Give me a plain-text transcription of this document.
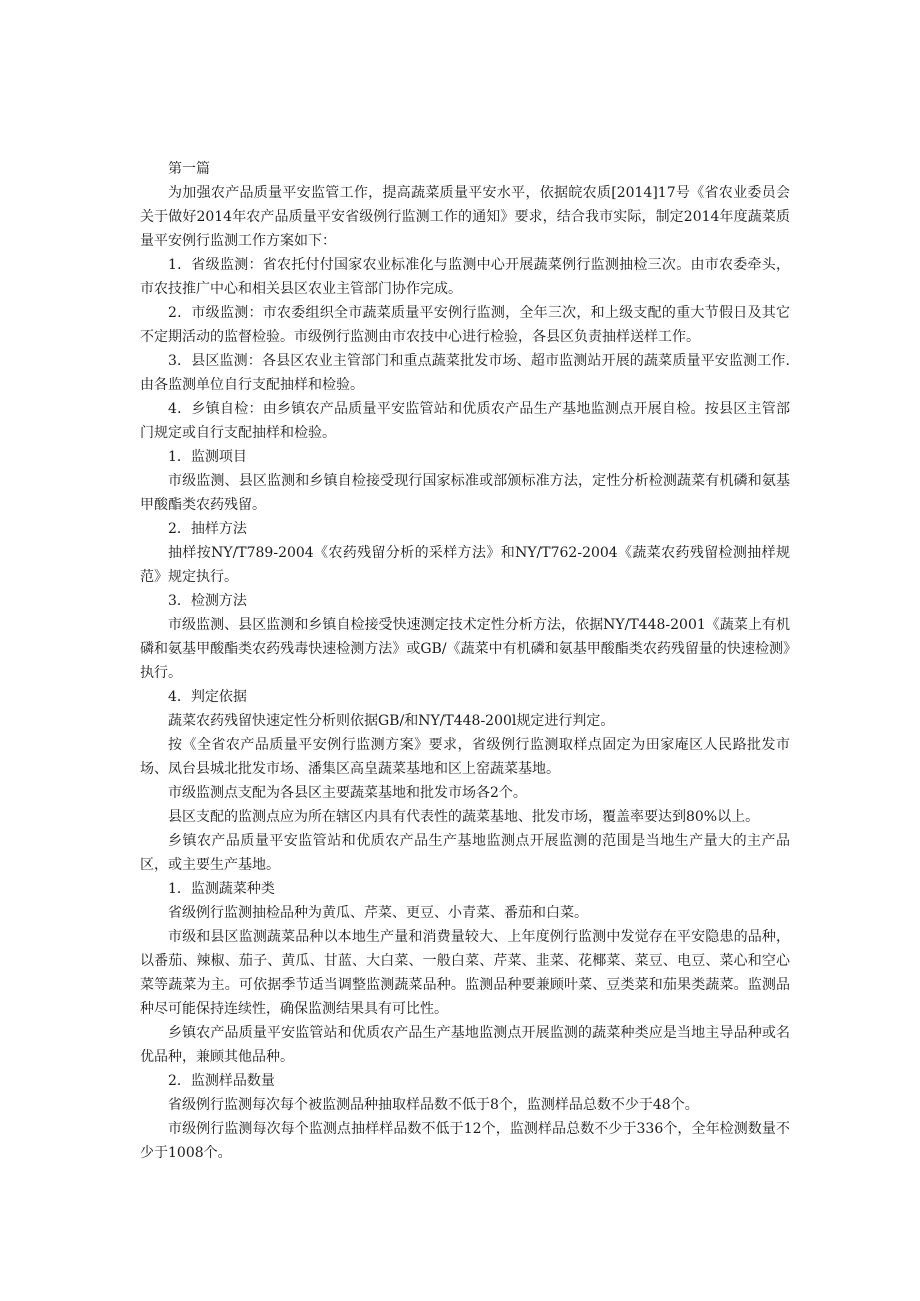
第一篇

为加强农产品质量平安监管工作，提高蔬菜质量平安水平，依据皖农质[2014]17号《省农业委员会关于做好2014年农产品质量平安省级例行监测工作的通知》要求，结合我市实际，制定2014年度蔬菜质量平安例行监测工作方案如下：

1．省级监测：省农托付付国家农业标准化与监测中心开展蔬菜例行监测抽检三次。由市农委牵头，市农技推广中心和相关县区农业主管部门协作完成。

2．市级监测：市农委组织全市蔬菜质量平安例行监测，全年三次，和上级支配的重大节假日及其它不定期活动的监督检验。市级例行监测由市农技中心进行检验，各县区负责抽样送样工作。

3．县区监测：各县区农业主管部门和重点蔬菜批发市场、超市监测站开展的蔬菜质量平安监测工作.由各监测单位自行支配抽样和检验。

4．乡镇自检：由乡镇农产品质量平安监管站和优质农产品生产基地监测点开展自检。按县区主管部门规定或自行支配抽样和检验。

1．监测项目

市级监测、县区监测和乡镇自检接受现行国家标准或部颁标准方法，定性分析检测蔬菜有机磷和氨基甲酸酯类农药残留。

2．抽样方法

抽样按NY/T789-2004《农药残留分析的采样方法》和NY/T762-2004《蔬菜农药残留检测抽样规范》规定执行。

3．检测方法

市级监测、县区监测和乡镇自检接受快速测定技术定性分析方法，依据NY/T448-2001《蔬菜上有机磷和氨基甲酸酯类农药残毒快速检测方法》或GB/《蔬菜中有机磷和氨基甲酸酯类农药残留量的快速检测》执行。

4．判定依据

蔬菜农药残留快速定性分析则依据GB/和NY/T448-200l规定进行判定。

按《全省农产品质量平安例行监测方案》要求，省级例行监测取样点固定为田家庵区人民路批发市场、凤台县城北批发市场、潘集区高皇蔬菜基地和区上窑蔬菜基地。

市级监测点支配为各县区主要蔬菜基地和批发市场各2个。

县区支配的监测点应为所在辖区内具有代表性的蔬菜基地、批发市场，覆盖率要达到80%以上。

乡镇农产品质量平安监管站和优质农产品生产基地监测点开展监测的范围是当地生产量大的主产品区，或主要生产基地。

1．监测蔬菜种类

省级例行监测抽检品种为黄瓜、芹菜、更豆、小青菜、番茄和白菜。

市级和县区监测蔬菜品种以本地生产量和消费量较大、上年度例行监测中发觉存在平安隐患的品种，以番茄、辣椒、茄子、黄瓜、甘蓝、大白菜、一般白菜、芹菜、韭菜、花椰菜、菜豆、电豆、菜心和空心菜等蔬菜为主。可依据季节适当调整监测蔬菜品种。监测品种要兼顾叶菜、豆类菜和茄果类蔬菜。监测品种尽可能保持连续性，确保监测结果具有可比性。

乡镇农产品质量平安监管站和优质农产品生产基地监测点开展监测的蔬菜种类应是当地主导品种或名优品种，兼顾其他品种。

2．监测样品数量

省级例行监测每次每个被监测品种抽取样品数不低于8个，监测样品总数不少于48个。

市级例行监测每次每个监测点抽样样品数不低于12个，监测样品总数不少于336个，全年检测数量不少于1008个。
